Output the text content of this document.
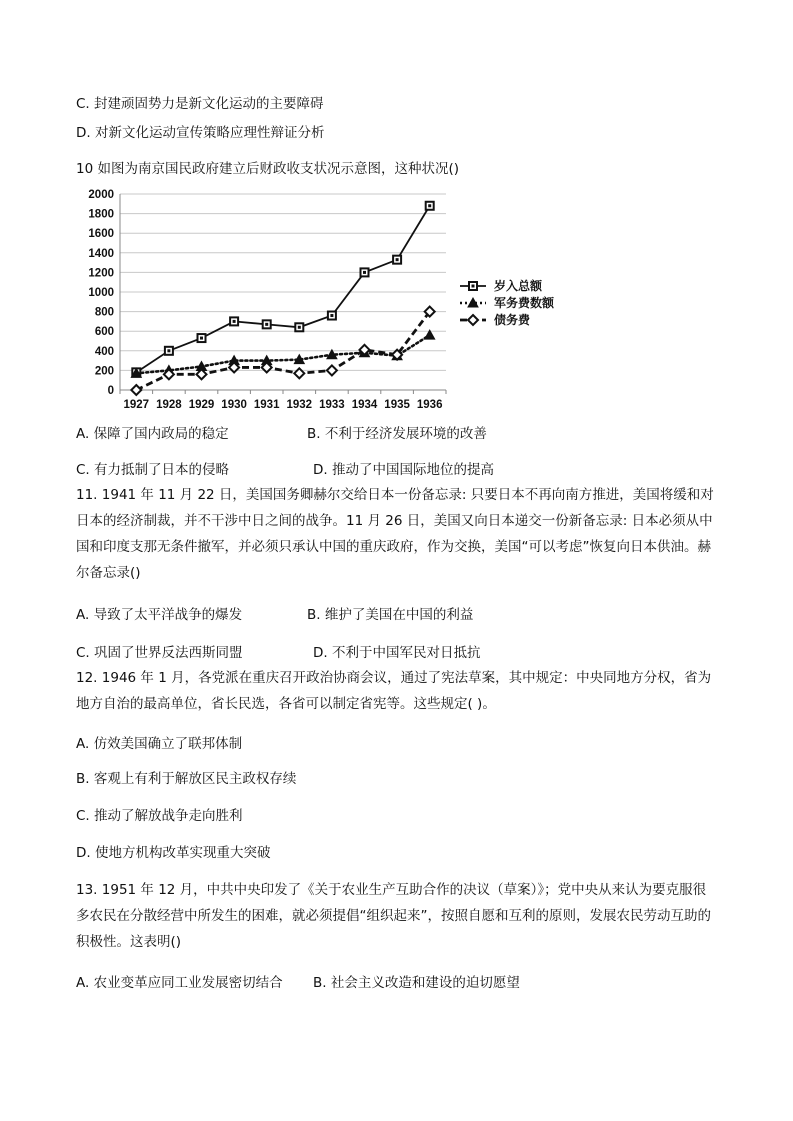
C. 封建顽固势力是新文化运动的主要障碍
D. 对新文化运动宣传策略应理性辩证分析
10 如图为南京国民政府建立后财政收支状况示意图，这种状况()
0
200
400
600
800
1000
1200
1400
1600
1800
2000
1927 1928 1929 1930 1931 1932 1933 1934 1935 1936
岁入总额
军务费数额
债务费
A. 保障了国内政局的稳定	B. 不利于经济发展环境的改善
C. 有力抵制了日本的侵略	D. 推动了中国国际地位的提高
11. 1941 年 11 月 22 日，美国国务卿赫尔交给日本一份备忘录: 只要日本不再向南方推进，美国将缓和对日本的经济制裁，并不干涉中日之间的战争。11 月 26 日，美国又向日本递交一份新备忘录: 日本必须从中国和印度支那无条件撤军，并必须只承认中国的重庆政府，作为交换，美国“可以考虑”恢复向日本供油。赫尔备忘录()
A. 导致了太平洋战争的爆发	B. 维护了美国在中国的利益
C. 巩固了世界反法西斯同盟	D. 不利于中国军民对日抵抗
12. 1946 年 1 月，各党派在重庆召开政治协商会议，通过了宪法草案，其中规定：中央同地方分权，省为地方自治的最高单位，省长民选，各省可以制定省宪等。这些规定( )。
A. 仿效美国确立了联邦体制
B. 客观上有利于解放区民主政权存续
C. 推动了解放战争走向胜利
D. 使地方机构改革实现重大突破
13. 1951 年 12 月，中共中央印发了《关于农业生产互助合作的决议（草案）》；党中央从来认为要克服很多农民在分散经营中所发生的困难，就必须提倡“组织起来”，按照自愿和互利的原则，发展农民劳动互助的积极性。这表明()
A. 农业变革应同工业发展密切结合 B. 社会主义改造和建设的迫切愿望
